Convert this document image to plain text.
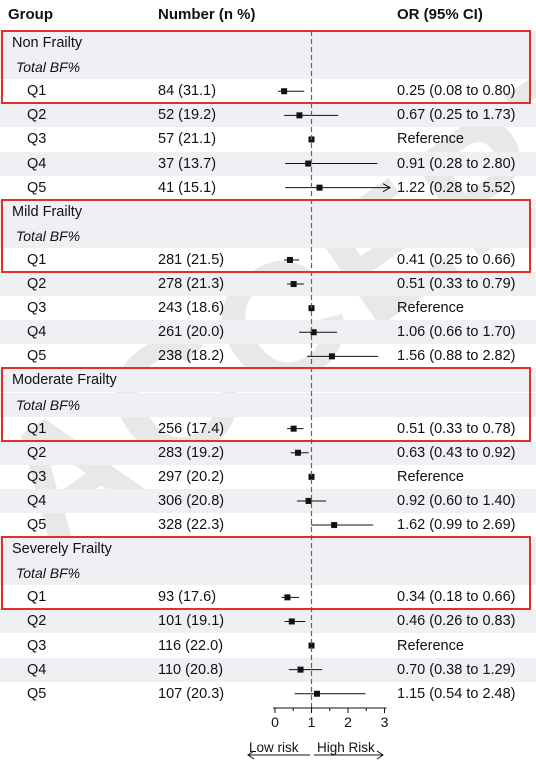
Group	Number (n %)	OR (95% CI)
Non Frailty
Total BF%
Q1	84 (31.1)	0.25 (0.08 to 0.80)
Q2	52 (19.2)	0.67 (0.25 to 1.73)
Q3	57 (21.1)	Reference
Q4	37 (13.7)	0.91 (0.28 to 2.80)
Q5	41 (15.1)	1.22 (0.28 to 5.52)
Mild Frailty
Total BF%
Q1	281 (21.5)	0.41 (0.25 to 0.66)
Q2	278 (21.3)	0.51 (0.33 to 0.79)
Q3	243 (18.6)	Reference
Q4	261 (20.0)	1.06 (0.66 to 1.70)
Q5	238 (18.2)	1.56 (0.88 to 2.82)
Moderate Frailty
Total BF%
Q1	256 (17.4)	0.51 (0.33 to 0.78)
Q2	283 (19.2)	0.63 (0.43 to 0.92)
Q3	297 (20.2)	Reference
Q4	306 (20.8)	0.92 (0.60 to 1.40)
Q5	328 (22.3)	1.62 (0.99 to 2.69)
Severely Frailty
Total BF%
Q1	93 (17.6)	0.34 (0.18 to 0.66)
Q2	101 (19.1)	0.46 (0.26 to 0.83)
Q3	116 (22.0)	Reference
Q4	110 (20.8)	0.70 (0.38 to 1.29)
Q5	107 (20.3)	1.15 (0.54 to 2.48)
0 1 2 3
Low risk High Risk
